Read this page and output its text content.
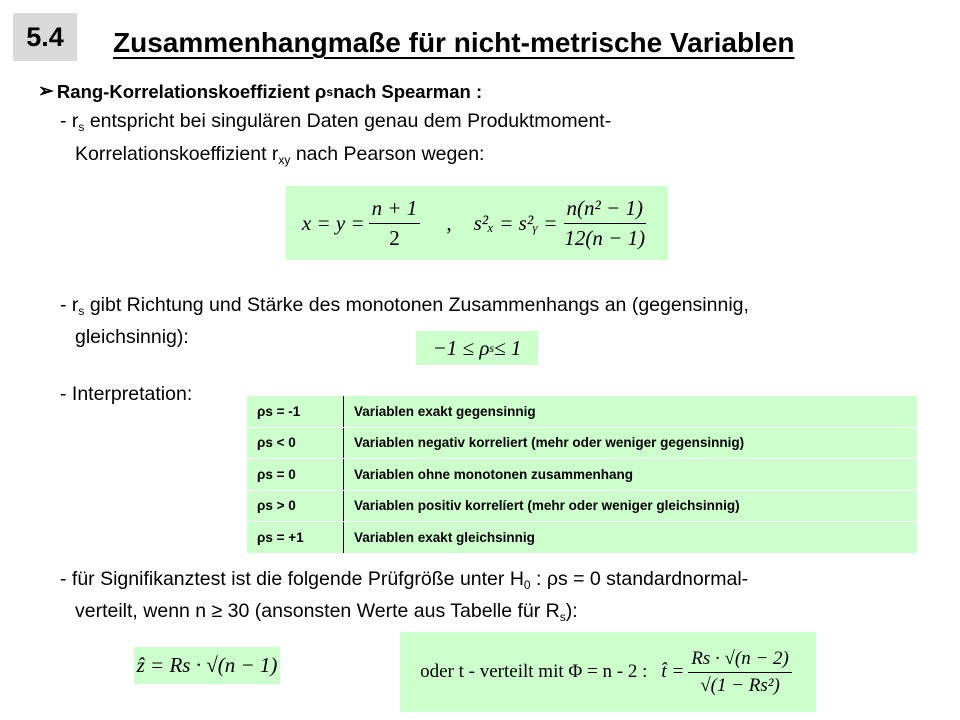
5.4	Zusammenhangmaße für nicht-metrische Variablen
➢ Rang-Korrelationskoeffizient ρ s nach Spearman :
- $r_s$ entspricht bei singulären Daten genau dem Produktmoment-
Korrelationskoeffizient $r_{xy}$ nach Pearson wegen:
$x = y = \frac{n + 1}{2}$ , s²ₓ = s²ᵧ = $\frac{\text{n(n² − 1)}}{12(n - 1)}$
- $r_s$ gibt Richtung und Stärke des monotonen Zusammenhangs an (gegensinnig,
gleichsinnig):	−1 ≤ ρ s ≤ 1
- Interpretation:
ρs = -1	Variablen exakt gegensinnig
ρs < 0	Variablen negativ korreliert (mehr oder weniger gegensinnig)
ρs = 0	Variablen ohne monotonen zusammenhang
ρs > 0	Variablen positiv korrelíert (mehr oder weniger gleichsinnig)
ρs = +1	Variablen exakt gleichsinnig
- für Signifikanztest ist die folgende Prüfgröße unter $H_0$ : ρs = 0 standardnormal-
verteilt, wenn n ≥ 30 (ansonsten Werte aus Tabelle für $R_s$):
ẑ = Rs · √(n − 1)	oder t - verteilt mit Φ = n - 2 : t̂ = $\frac{Rs \cdot √(n - 2)}{\text{√(1 − Rs²)}}$
